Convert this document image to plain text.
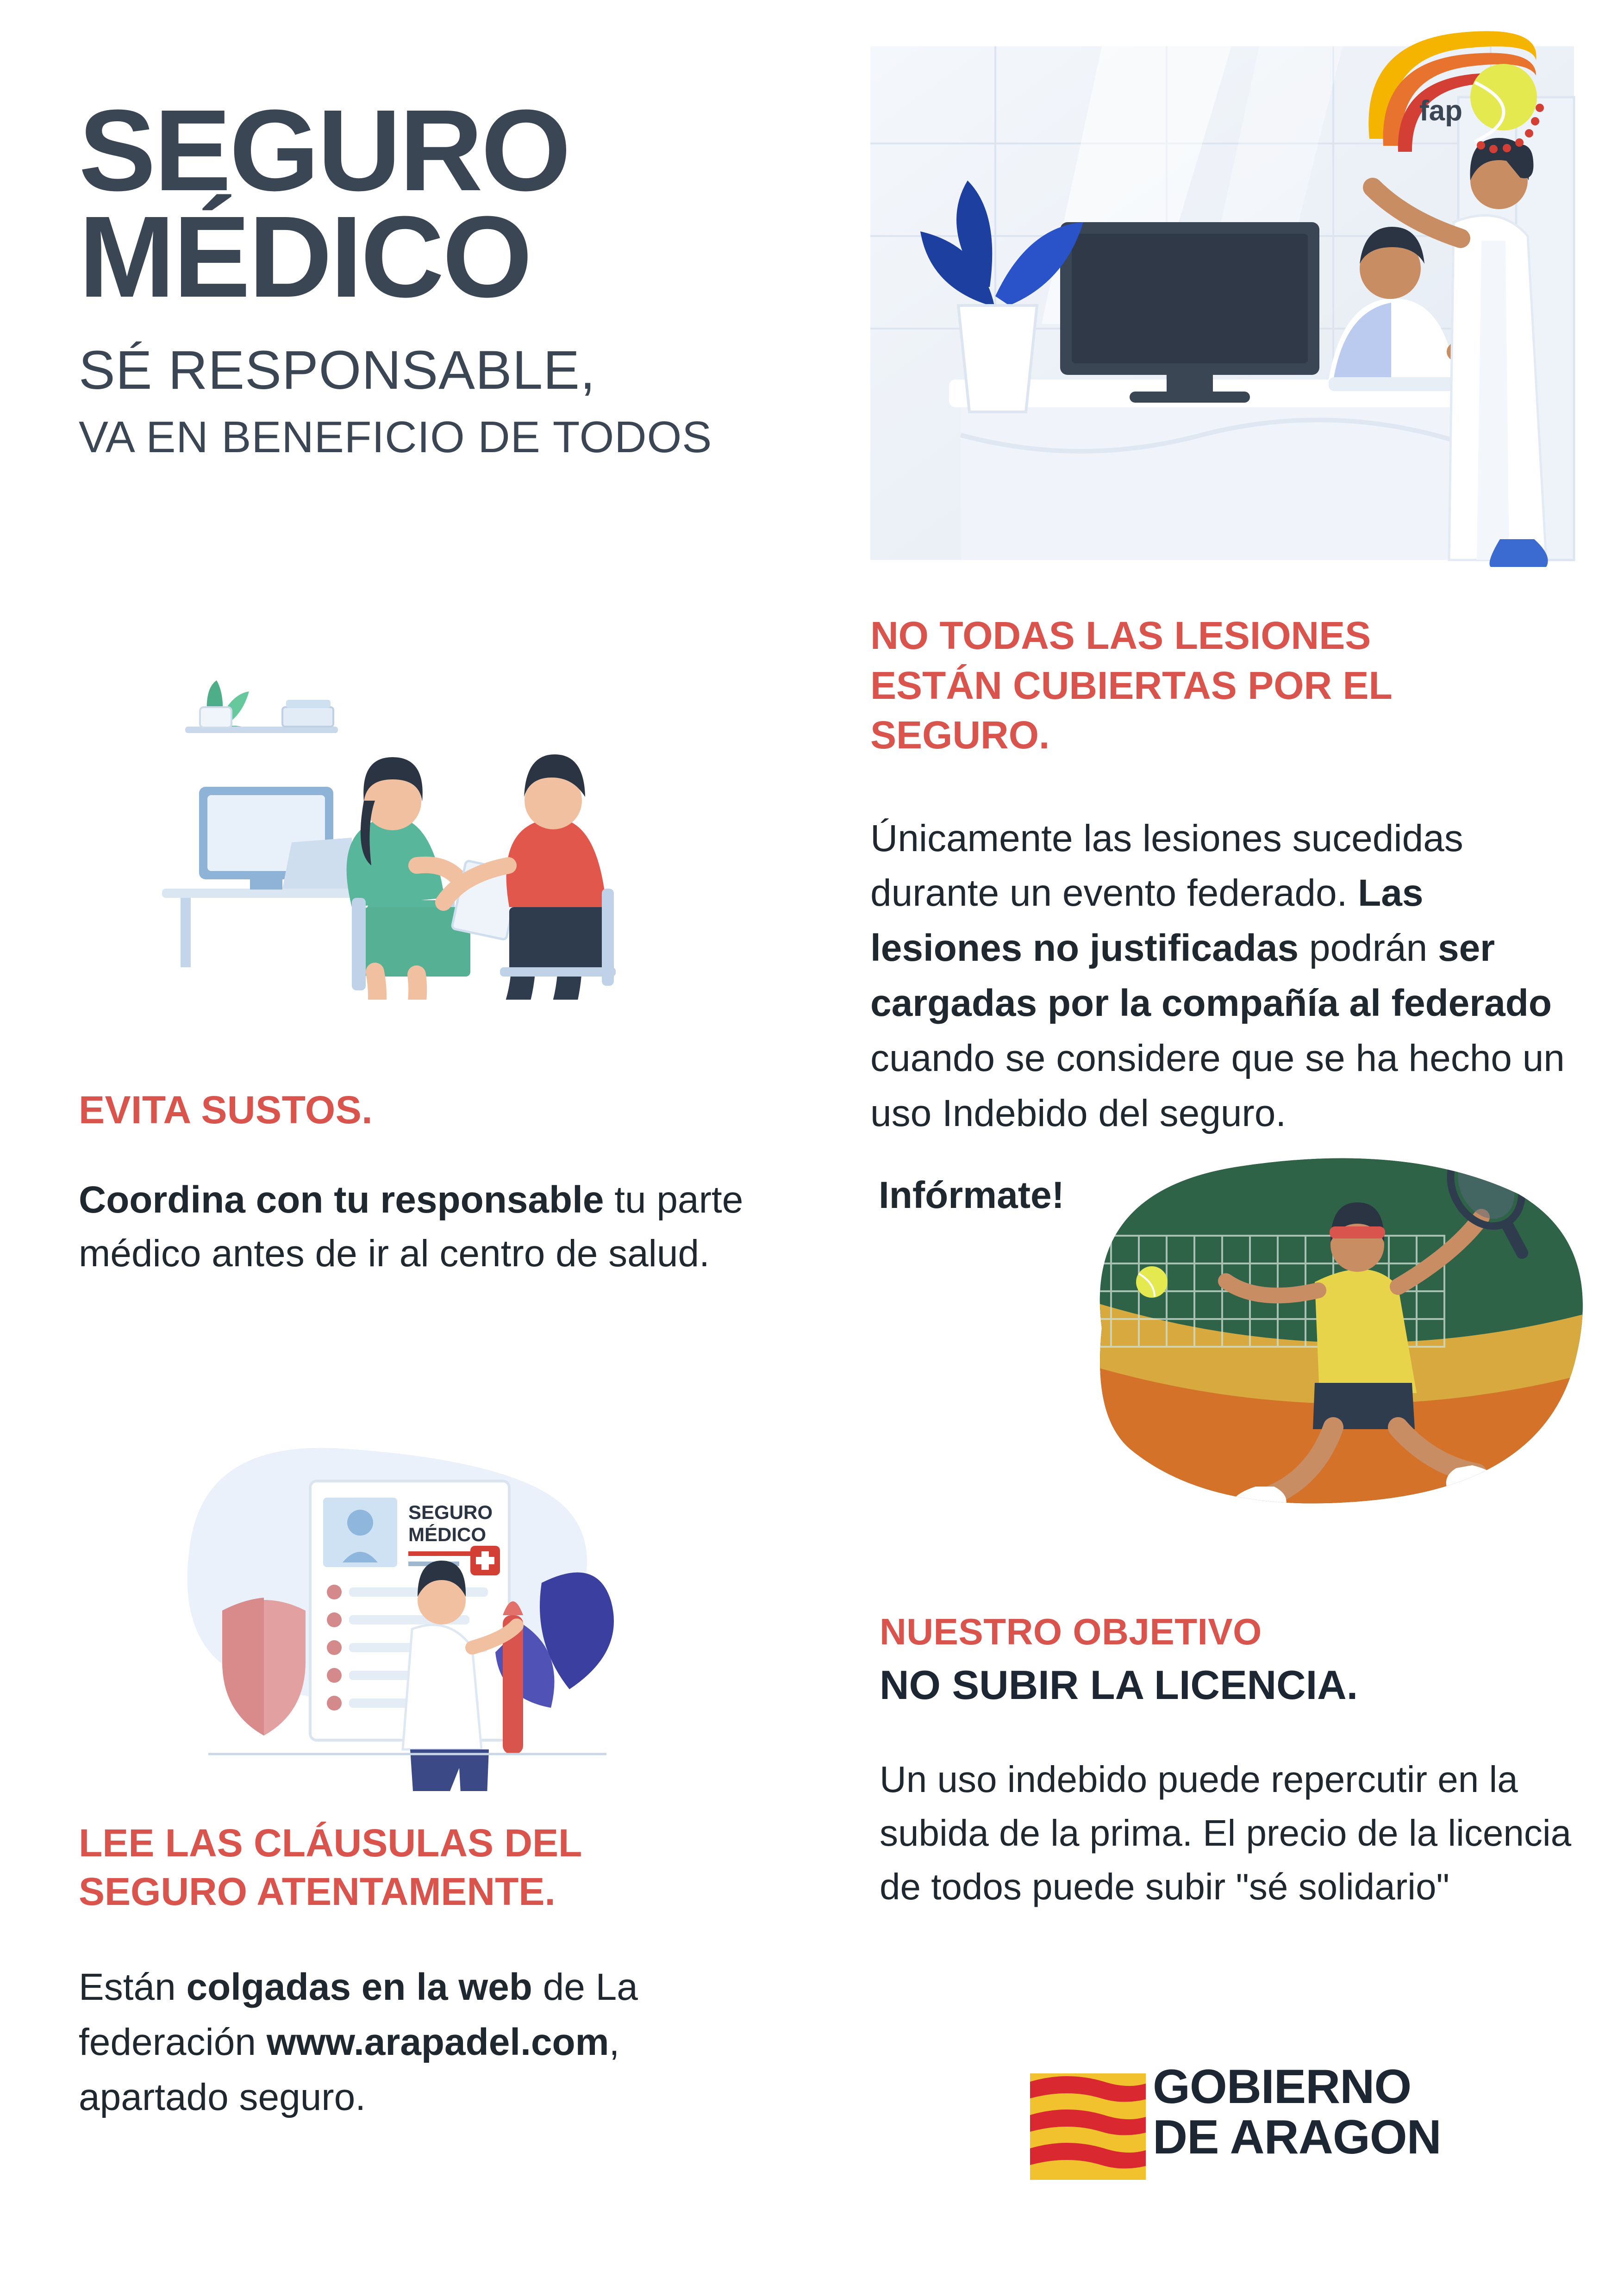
fap
SEGURO
MÉDICO
SÉ RESPONSABLE,
VA EN BENEFICIO DE TODOS
EVITA SUSTOS.
Coordina con tu responsable tu parte médico antes de ir al centro de salud.
SEGURO
MÉDICO
LEE LAS CLÁUSULAS DEL
SEGURO ATENTAMENTE.
Están colgadas en la web de La federación www.arapadel.com, apartado seguro.
NO TODAS LAS LESIONES
ESTÁN CUBIERTAS POR EL
SEGURO.
Únicamente las lesiones sucedidas durante un evento federado. Las lesiones no justificadas podrán ser cargadas por la compañía al federado cuando se considere que se ha hecho un uso Indebido del seguro.
Infórmate!
NUESTRO OBJETIVO
NO SUBIR LA LICENCIA.
Un uso indebido puede repercutir en la subida de la prima. El precio de la licencia de todos puede subir "sé solidario"
GOBIERNO
DE ARAGON
